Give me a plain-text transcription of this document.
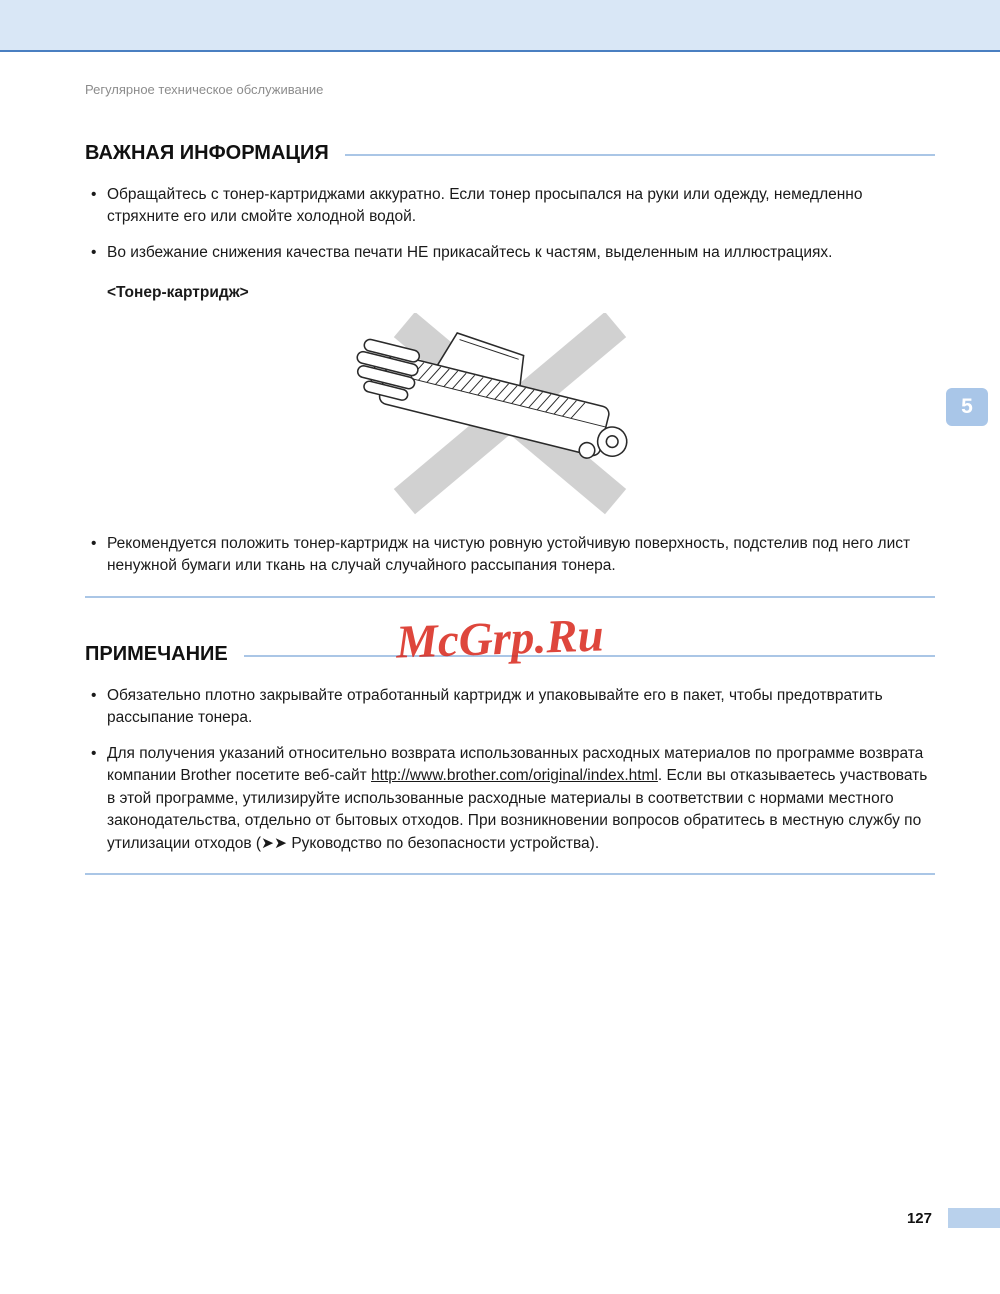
Регулярное техническое обслуживание
ВАЖНАЯ ИНФОРМАЦИЯ
• Обращайтесь с тонер-картриджами аккуратно. Если тонер просыпался на руки или одежду, немедленно стряхните его или смойте холодной водой.
• Во избежание снижения качества печати НЕ прикасайтесь к частям, выделенным на иллюстрациях.

<Тонер-картридж>

• Рекомендуется положить тонер-картридж на чистую ровную устойчивую поверхность, подстелив под него лист ненужной бумаги или ткань на случай случайного рассыпания тонера.
ПРИМЕЧАНИЕ
• Обязательно плотно закрывайте отработанный картридж и упаковывайте его в пакет, чтобы предотвратить рассыпание тонера.
• Для получения указаний относительно возврата использованных расходных материалов по программе возврата компании Brother посетите веб-сайт http://www.brother.com/original/index.html. Если вы отказываетесь участвовать в этой программе, утилизируйте использованные расходные материалы в соответствии с нормами местного законодательства, отдельно от бытовых отходов. При возникновении вопросов обратитесь в местную службу по утилизации отходов (➤➤ Руководство по безопасности устройства).
McGrp.Ru
5
127
